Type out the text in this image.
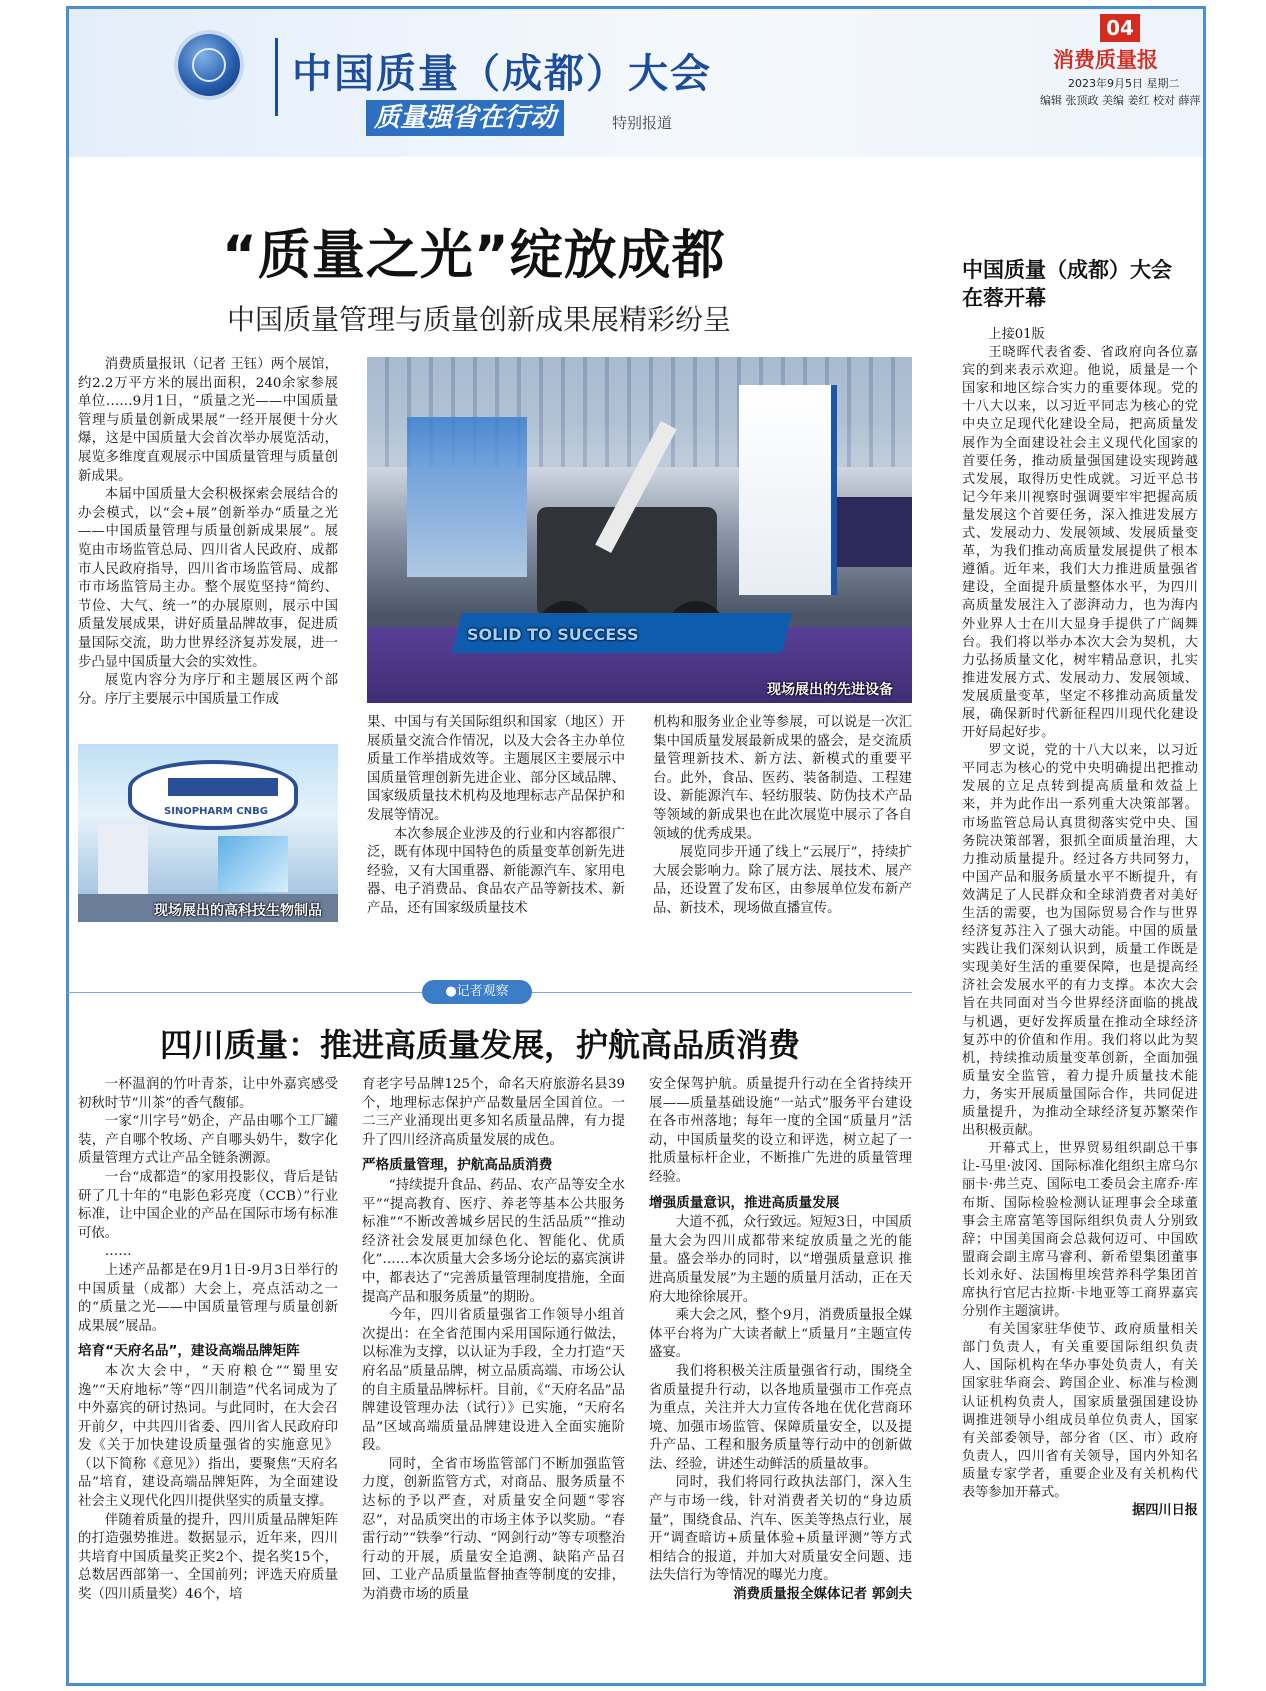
中国质量（成都）大会
质量强省在行动	特别报道
04
消费质量报
2023年9月5日 星期二
编辑 张顶政 美编 姜红 校对 薛萍
“质量之光”绽放成都
中国质量管理与质量创新成果展精彩纷呈

消费质量报讯（记者 王钰）两个展馆，约2.2万平方米的展出面积，240余家参展单位……9月1日，“质量之光——中国质量管理与质量创新成果展”一经开展便十分火爆，这是中国质量大会首次举办展览活动，展览多维度直观展示中国质量管理与质量创新成果。

本届中国质量大会积极探索会展结合的办会模式，以“会+展”创新举办“质量之光——中国质量管理与质量创新成果展”。展览由市场监管总局、四川省人民政府、成都市人民政府指导，四川省市场监管局、成都市市场监管局主办。整个展览坚持“简约、节俭、大气、统一”的办展原则，展示中国质量发展成果，讲好质量品牌故事，促进质量国际交流，助力世界经济复苏发展，进一步凸显中国质量大会的实效性。

展览内容分为序厅和主题展区两个部分。序厅主要展示中国质量工作成

SOLID TO SUCCESS
现场展出的先进设备
SINOPHARM CNBG
现场展出的高科技生物制品

果、中国与有关国际组织和国家（地区）开展质量交流合作情况，以及大会各主办单位质量工作举措成效等。主题展区主要展示中国质量管理创新先进企业、部分区域品牌、国家级质量技术机构及地理标志产品保护和发展等情况。

本次参展企业涉及的行业和内容都很广泛，既有体现中国特色的质量变革创新先进经验，又有大国重器、新能源汽车、家用电器、电子消费品、食品农产品等新技术、新产品，还有国家级质量技术

机构和服务业企业等参展，可以说是一次汇集中国质量发展最新成果的盛会，是交流质量管理新技术、新方法、新模式的重要平台。此外，食品、医药、装备制造、工程建设、新能源汽车、轻纺服装、防伪技术产品等领域的新成果也在此次展览中展示了各自领域的优秀成果。

展览同步开通了线上“云展厅”，持续扩大展会影响力。除了展方法、展技术、展产品，还设置了发布区，由参展单位发布新产品、新技术，现场做直播宣传。

●记者观察
四川质量：推进高质量发展，护航高品质消费

一杯温润的竹叶青茶，让中外嘉宾感受初秋时节“川茶”的香气馥郁。

一家“川字号”奶企，产品由哪个工厂罐装，产自哪个牧场、产自哪头奶牛，数字化质量管理方式让产品全链条溯源。

一台“成都造”的家用投影仪，背后是钻研了几十年的“电影色彩亮度（CCB）”行业标准，让中国企业的产品在国际市场有标准可依。

……

上述产品都是在9月1日-9月3日举行的中国质量（成都）大会上，亮点活动之一的“质量之光——中国质量管理与质量创新成果展”展品。

培育“天府名品”，建设高端品牌矩阵

本次大会中，“天府粮仓”“蜀里安逸”“天府地标”等“四川制造”代名词成为了中外嘉宾的研讨热词。与此同时，在大会召开前夕，中共四川省委、四川省人民政府印发《关于加快建设质量强省的实施意见》（以下简称《意见》）指出，要聚焦“天府名品”培育，建设高端品牌矩阵，为全面建设社会主义现代化四川提供坚实的质量支撑。

伴随着质量的提升，四川质量品牌矩阵的打造强势推进。数据显示，近年来，四川共培育中国质量奖正奖2个、提名奖15个，总数居西部第一、全国前列；评选天府质量奖（四川质量奖）46个，培

育老字号品牌125个，命名天府旅游名县39个，地理标志保护产品数量居全国首位。一二三产业涌现出更多知名质量品牌，有力提升了四川经济高质量发展的成色。

严格质量管理，护航高品质消费

“持续提升食品、药品、农产品等安全水平”“提高教育、医疗、养老等基本公共服务标准”“不断改善城乡居民的生活品质”“推动经济社会发展更加绿色化、智能化、优质化”……本次质量大会多场分论坛的嘉宾演讲中，都表达了“完善质量管理制度措施，全面提高产品和服务质量”的期盼。

今年，四川省质量强省工作领导小组首次提出：在全省范围内采用国际通行做法，以标准为支撑，以认证为手段，全力打造“天府名品”质量品牌，树立品质高端、市场公认的自主质量品牌标杆。目前，《“天府名品”品牌建设管理办法（试行）》已实施，“天府名品”区域高端质量品牌建设进入全面实施阶段。

同时，全省市场监管部门不断加强监管力度，创新监管方式，对商品、服务质量不达标的予以严查，对质量安全问题“零容忍”，对品质突出的市场主体予以奖励。“春雷行动”“铁拳”行动、“网剑行动”等专项整治行动的开展，质量安全追溯、缺陷产品召回、工业产品质量监督抽查等制度的安排，为消费市场的质量

安全保驾护航。质量提升行动在全省持续开展——质量基础设施“一站式”服务平台建设在各市州落地；每年一度的全国“质量月”活动，中国质量奖的设立和评选，树立起了一批质量标杆企业，不断推广先进的质量管理经验。

增强质量意识，推进高质量发展

大道不孤，众行致远。短短3日，中国质量大会为四川成都带来绽放质量之光的能量。盛会举办的同时，以“增强质量意识 推进高质量发展”为主题的质量月活动，正在天府大地徐徐展开。

乘大会之风，整个9月，消费质量报全媒体平台将为广大读者献上“质量月”主题宣传盛宴。

我们将积极关注质量强省行动，围绕全省质量提升行动，以各地质量强市工作亮点为重点，关注并大力宣传各地在优化营商环境、加强市场监管、保障质量安全，以及提升产品、工程和服务质量等行动中的创新做法、经验，讲述生动鲜活的质量故事。

同时，我们将同行政执法部门，深入生产与市场一线，针对消费者关切的“身边质量”，围绕食品、汽车、医美等热点行业，展开“调查暗访+质量体验+质量评测”等方式相结合的报道，并加大对质量安全问题、违法失信行为等情况的曝光力度。

消费质量报全媒体记者 郭剑夫

中国质量（成都）大会
在蓉开幕

上接01版

王晓晖代表省委、省政府向各位嘉宾的到来表示欢迎。他说，质量是一个国家和地区综合实力的重要体现。党的十八大以来，以习近平同志为核心的党中央立足现代化建设全局，把高质量发展作为全面建设社会主义现代化国家的首要任务，推动质量强国建设实现跨越式发展，取得历史性成就。习近平总书记今年来川视察时强调要牢牢把握高质量发展这个首要任务，深入推进发展方式、发展动力、发展领域、发展质量变革，为我们推动高质量发展提供了根本遵循。近年来，我们大力推进质量强省建设，全面提升质量整体水平，为四川高质量发展注入了澎湃动力，也为海内外业界人士在川大显身手提供了广阔舞台。我们将以举办本次大会为契机，大力弘扬质量文化，树牢精品意识，扎实推进发展方式、发展动力、发展领域、发展质量变革，坚定不移推动高质量发展，确保新时代新征程四川现代化建设开好局起好步。

罗文说，党的十八大以来，以习近平同志为核心的党中央明确提出把推动发展的立足点转到提高质量和效益上来，并为此作出一系列重大决策部署。市场监管总局认真贯彻落实党中央、国务院决策部署，狠抓全面质量治理，大力推动质量提升。经过各方共同努力，中国产品和服务质量水平不断提升，有效满足了人民群众和全球消费者对美好生活的需要，也为国际贸易合作与世界经济复苏注入了强大动能。中国的质量实践让我们深刻认识到，质量工作既是实现美好生活的重要保障，也是提高经济社会发展水平的有力支撑。本次大会旨在共同面对当今世界经济面临的挑战与机遇，更好发挥质量在推动全球经济复苏中的价值和作用。我们将以此为契机，持续推动质量变革创新，全面加强质量安全监管，着力提升质量技术能力，务实开展质量国际合作，共同促进质量提升，为推动全球经济复苏繁荣作出积极贡献。

开幕式上，世界贸易组织副总干事让-马里·波冈、国际标准化组织主席乌尔丽卡·弗兰克、国际电工委员会主席乔·库布斯、国际检验检测认证理事会全球董事会主席富笔等国际组织负责人分别致辞；中国美国商会总裁何迈可、中国欧盟商会副主席马睿利、新希望集团董事长刘永好、法国梅里埃营养科学集团首席执行官尼古拉斯·卡地亚等工商界嘉宾分别作主题演讲。

有关国家驻华使节、政府质量相关部门负责人，有关重要国际组织负责人、国际机构在华办事处负责人，有关国家驻华商会、跨国企业、标准与检测认证机构负责人，国家质量强国建设协调推进领导小组成员单位负责人，国家有关部委领导，部分省（区、市）政府负责人，四川省有关领导，国内外知名质量专家学者，重要企业及有关机构代表等参加开幕式。

据四川日报
